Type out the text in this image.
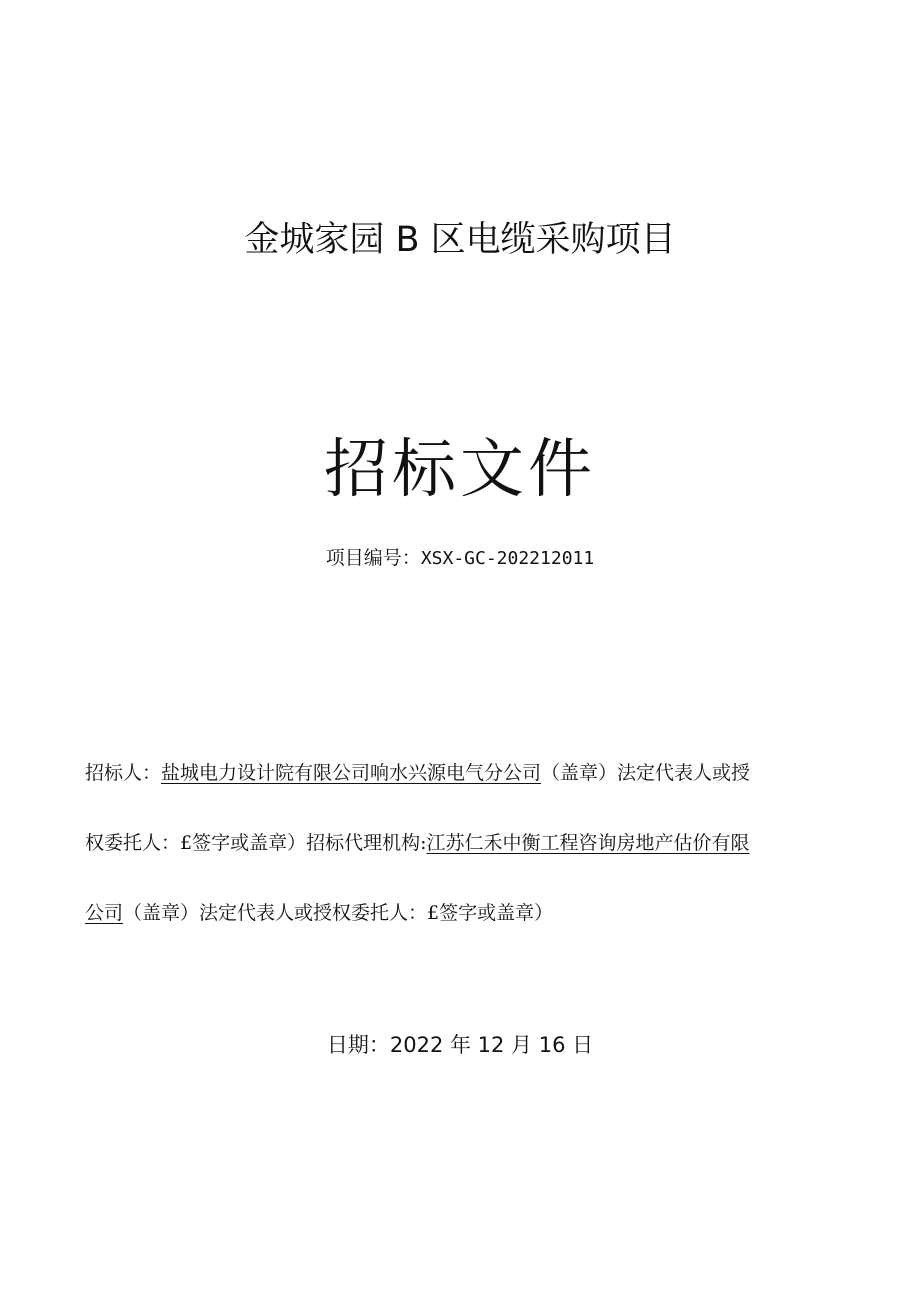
金城家园 B 区电缆采购项目
招标文件
项目编号：XSX-GC-202212011
招标人：盐城电力设计院有限公司响水兴源电气分公司（盖章）法定代表人或授
权委托人：£签字或盖章）招标代理机构:江苏仁禾中衡工程咨询房地产估价有限
公司（盖章）法定代表人或授权委托人：£签字或盖章）
日期：2022 年 12 月 16 日
